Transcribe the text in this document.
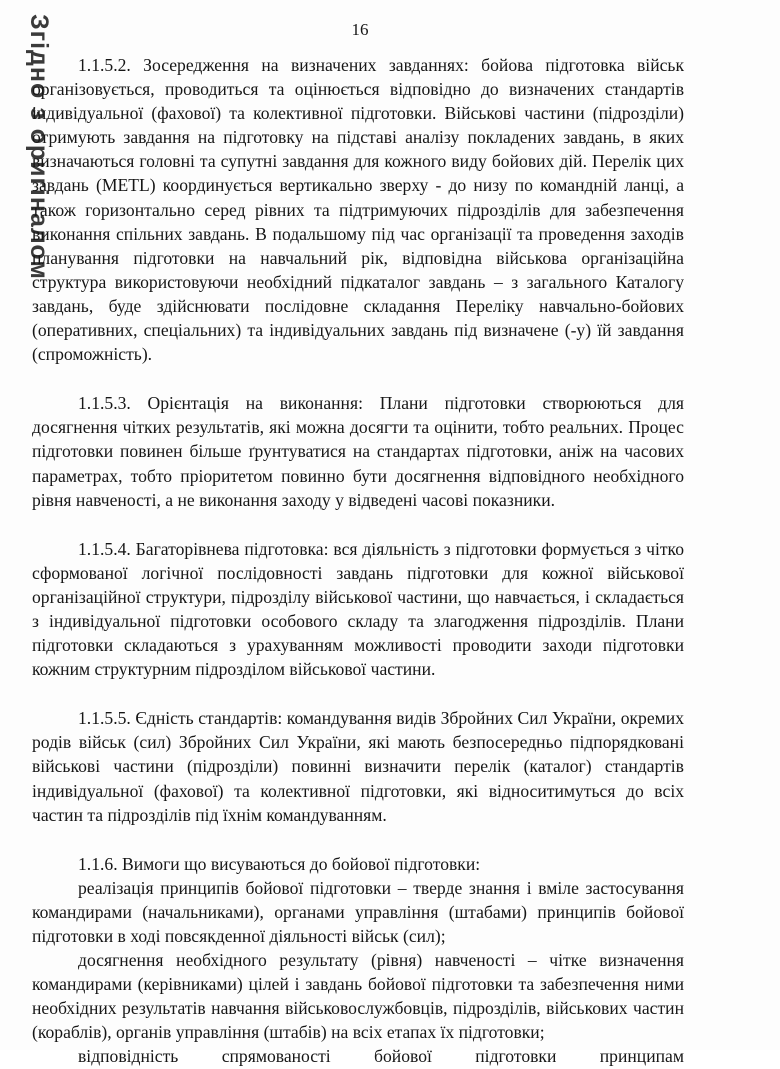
Згідно з оригіналом	16

1.1.5.2. Зосередження на визначених завданнях: бойова підготовка військ організовується, проводиться та оцінюється відповідно до визначених стандартів індивідуальної (фахової) та колективної підготовки. Військові частини (підрозділи) отримують завдання на підготовку на підставі аналізу покладених завдань, в яких визначаються головні та супутні завдання для кожного виду бойових дій. Перелік цих завдань (METL) координується вертикально зверху - до низу по командній ланці, а також горизонтально серед рівних та підтримуючих підрозділів для забезпечення виконання спільних завдань. В подальшому під час організації та проведення заходів планування підготовки на навчальний рік, відповідна військова організаційна структура використовуючи необхідний підкаталог завдань – з загального Каталогу завдань, буде здійснювати послідовне складання Переліку навчально-бойових (оперативних, спеціальних) та індивідуальних завдань під визначене (-у) їй завдання (спроможність).

1.1.5.3. Орієнтація на виконання: Плани підготовки створюються для досягнення чітких результатів, які можна досягти та оцінити, тобто реальних. Процес підготовки повинен більше ґрунтуватися на стандартах підготовки, аніж на часових параметрах, тобто пріоритетом повинно бути досягнення відповідного необхідного рівня навченості, а не виконання заходу у відведені часові показники.

1.1.5.4. Багаторівнева підготовка: вся діяльність з підготовки формується з чітко сформованої логічної послідовності завдань підготовки для кожної військової організаційної структури, підрозділу військової частини, що навчається, і складається з індивідуальної підготовки особового складу та злагодження підрозділів. Плани підготовки складаються з урахуванням можливості проводити заходи підготовки кожним структурним підрозділом військової частини.

1.1.5.5. Єдність стандартів: командування видів Збройних Сил України, окремих родів військ (сил) Збройних Сил України, які мають безпосередньо підпорядковані військові частини (підрозділи) повинні визначити перелік (каталог) стандартів індивідуальної (фахової) та колективної підготовки, які відноситимуться до всіх частин та підрозділів під їхнім командуванням.

1.1.6. Вимоги що висуваються до бойової підготовки:

реалізація принципів бойової підготовки – тверде знання і вміле застосування командирами (начальниками), органами управління (штабами) принципів бойової підготовки в ході повсякденної діяльності військ (сил);

досягнення необхідного результату (рівня) навченості – чітке визначення командирами (керівниками) цілей і завдань бойової підготовки та забезпечення ними необхідних результатів навчання військовослужбовців, підрозділів, військових частин (кораблів), органів управління (штабів) на всіх етапах їх підготовки;

відповідність спрямованості бойової підготовки принципам
